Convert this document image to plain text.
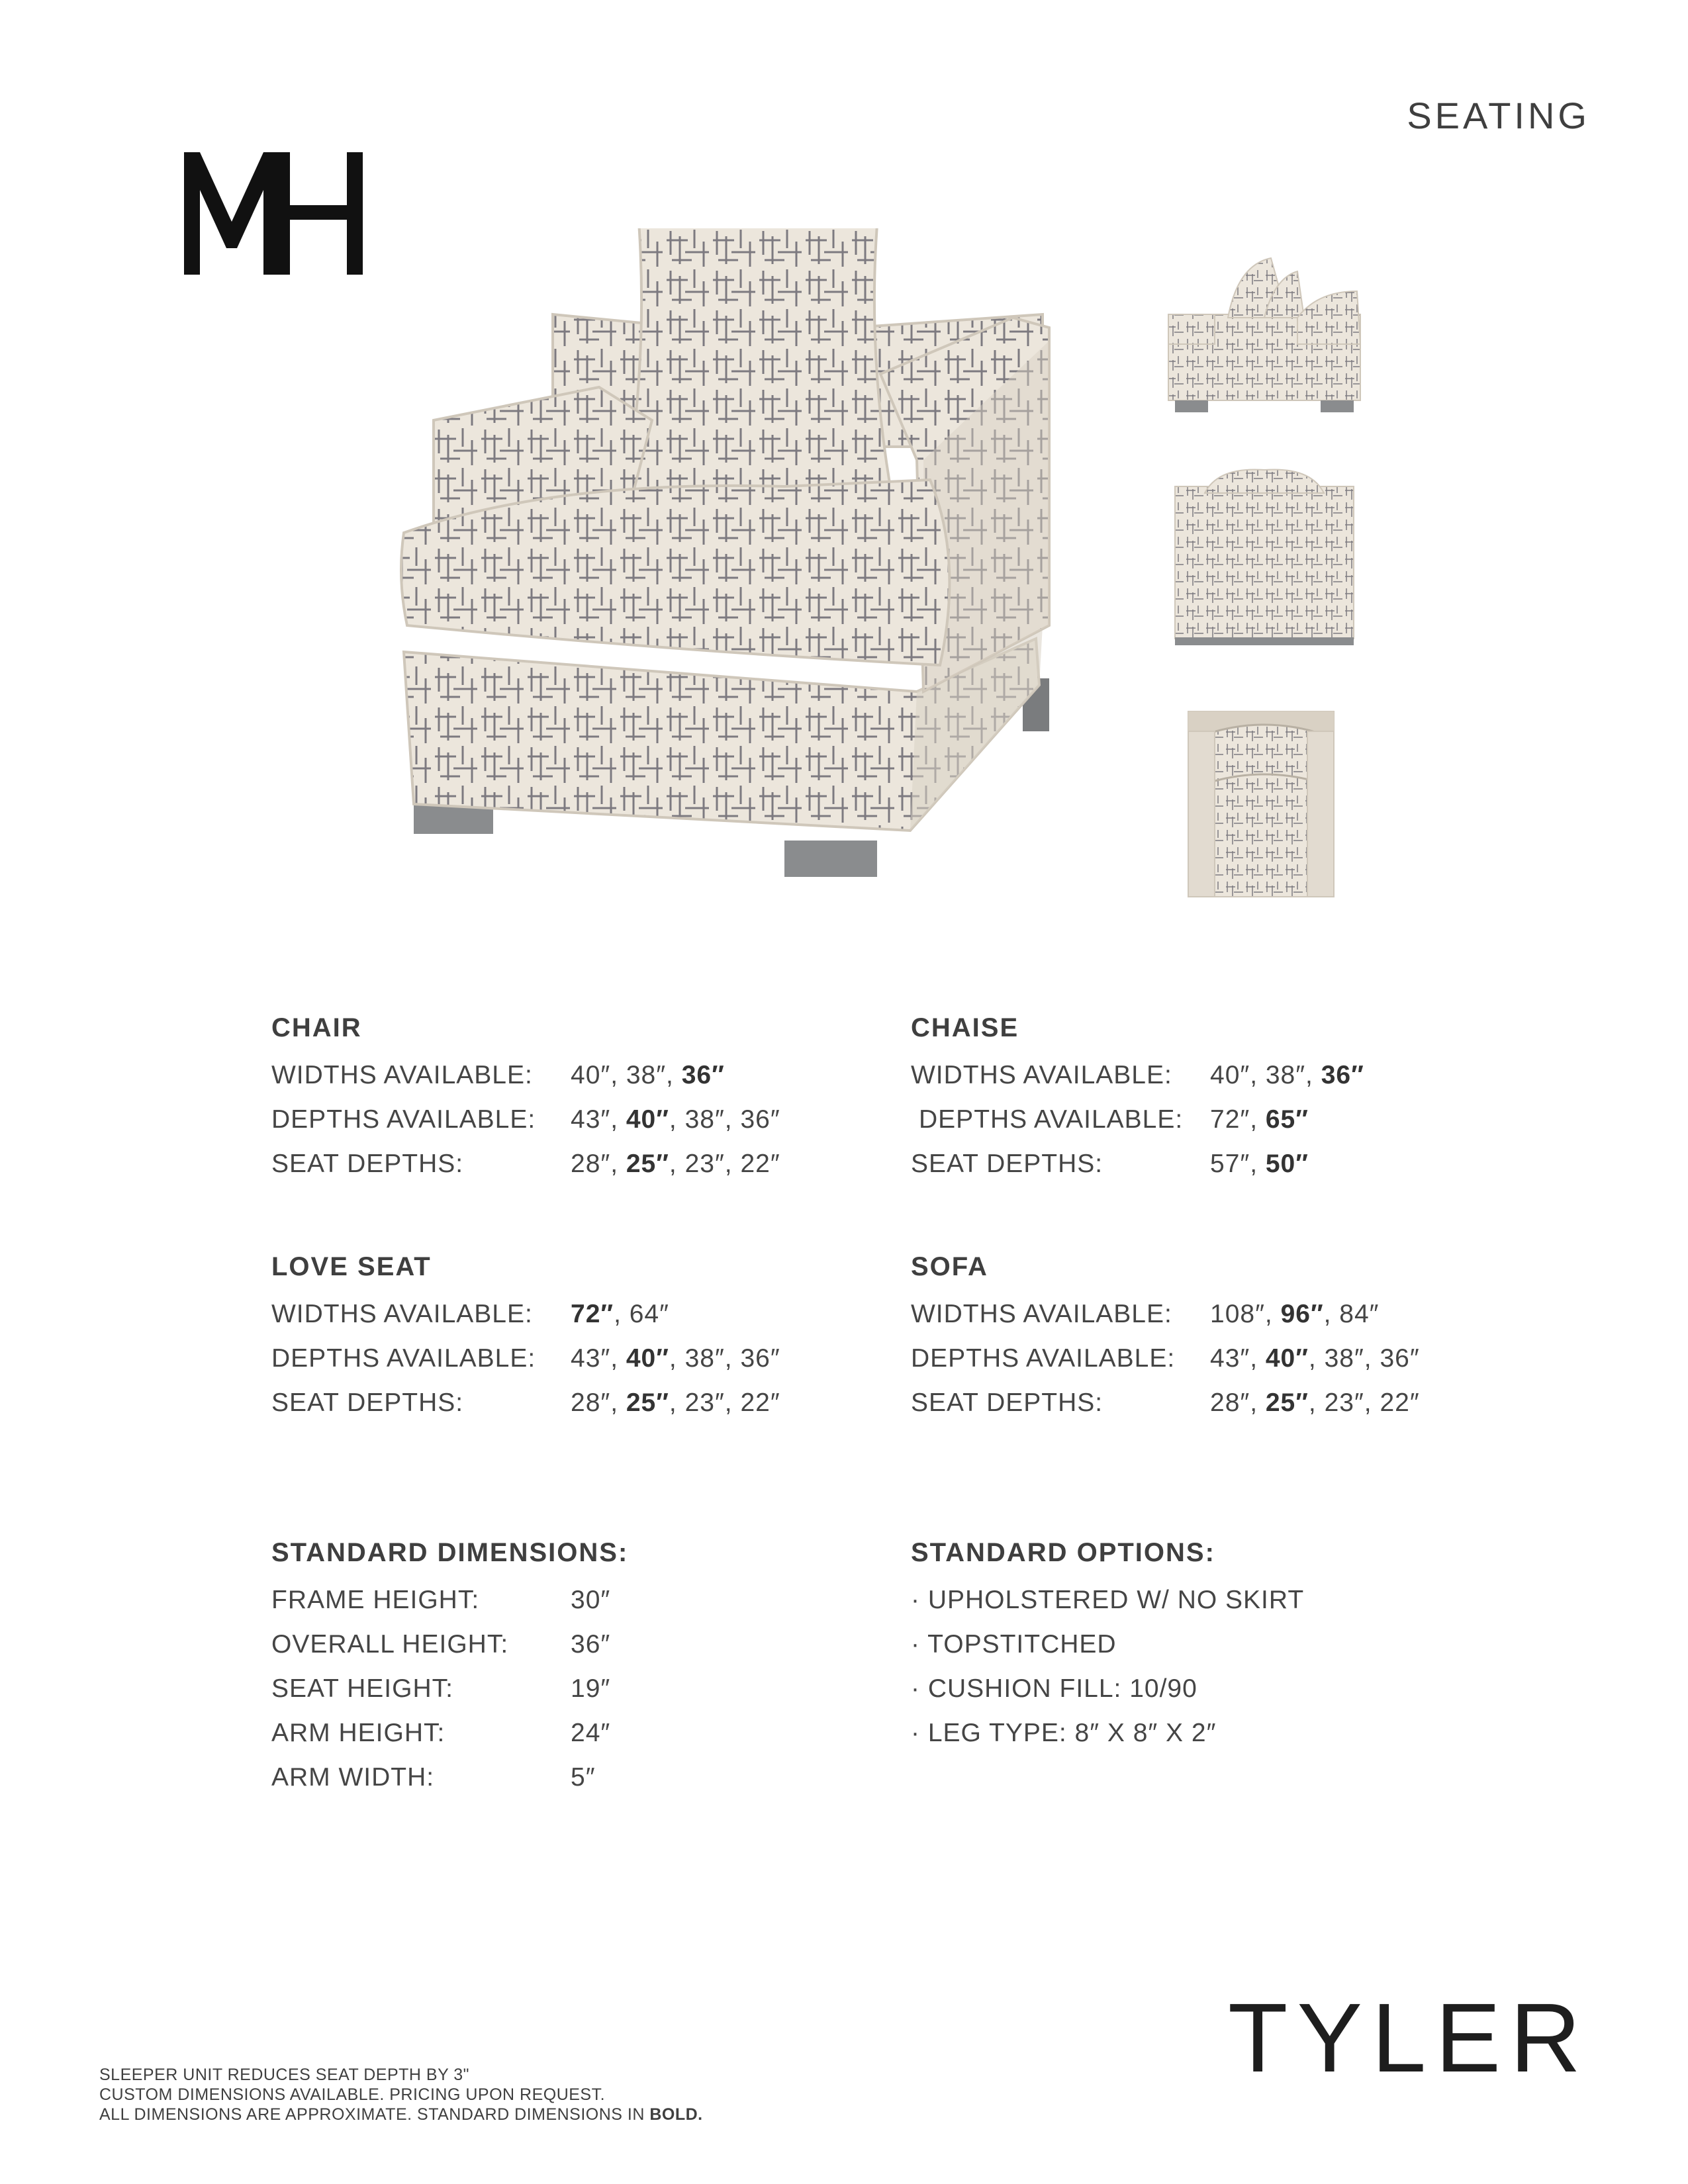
SEATING
CHAIR
WIDTHS AVAILABLE: 40″, 38″, 36″
DEPTHS AVAILABLE: 43″, 40″, 38″, 36″
SEAT DEPTHS:	28″, 25″, 23″, 22″
CHAISE
WIDTHS AVAILABLE: 40″, 38″, 36″
DEPTHS AVAILABLE: 72″, 65″
SEAT DEPTHS:	57″, 50″
LOVE SEAT
WIDTHS AVAILABLE: 72″, 64″
DEPTHS AVAILABLE: 43″, 40″, 38″, 36″
SEAT DEPTHS:	28″, 25″, 23″, 22″
SOFA
WIDTHS AVAILABLE: 108″, 96″, 84″
DEPTHS AVAILABLE: 43″, 40″, 38″, 36″
SEAT DEPTHS:	28″, 25″, 23″, 22″
STANDARD DIMENSIONS:
FRAME HEIGHT:	30″
OVERALL HEIGHT: 36″
SEAT HEIGHT:	19″
ARM HEIGHT:	24″
ARM WIDTH:	5″
STANDARD OPTIONS:
· UPHOLSTERED W/ NO SKIRT
· TOPSTITCHED
· CUSHION FILL: 10/90
· LEG TYPE: 8″ X 8″ X 2″
TYLER
SLEEPER UNIT REDUCES SEAT DEPTH BY 3"
CUSTOM DIMENSIONS AVAILABLE. PRICING UPON REQUEST.
ALL DIMENSIONS ARE APPROXIMATE. STANDARD DIMENSIONS IN BOLD.
